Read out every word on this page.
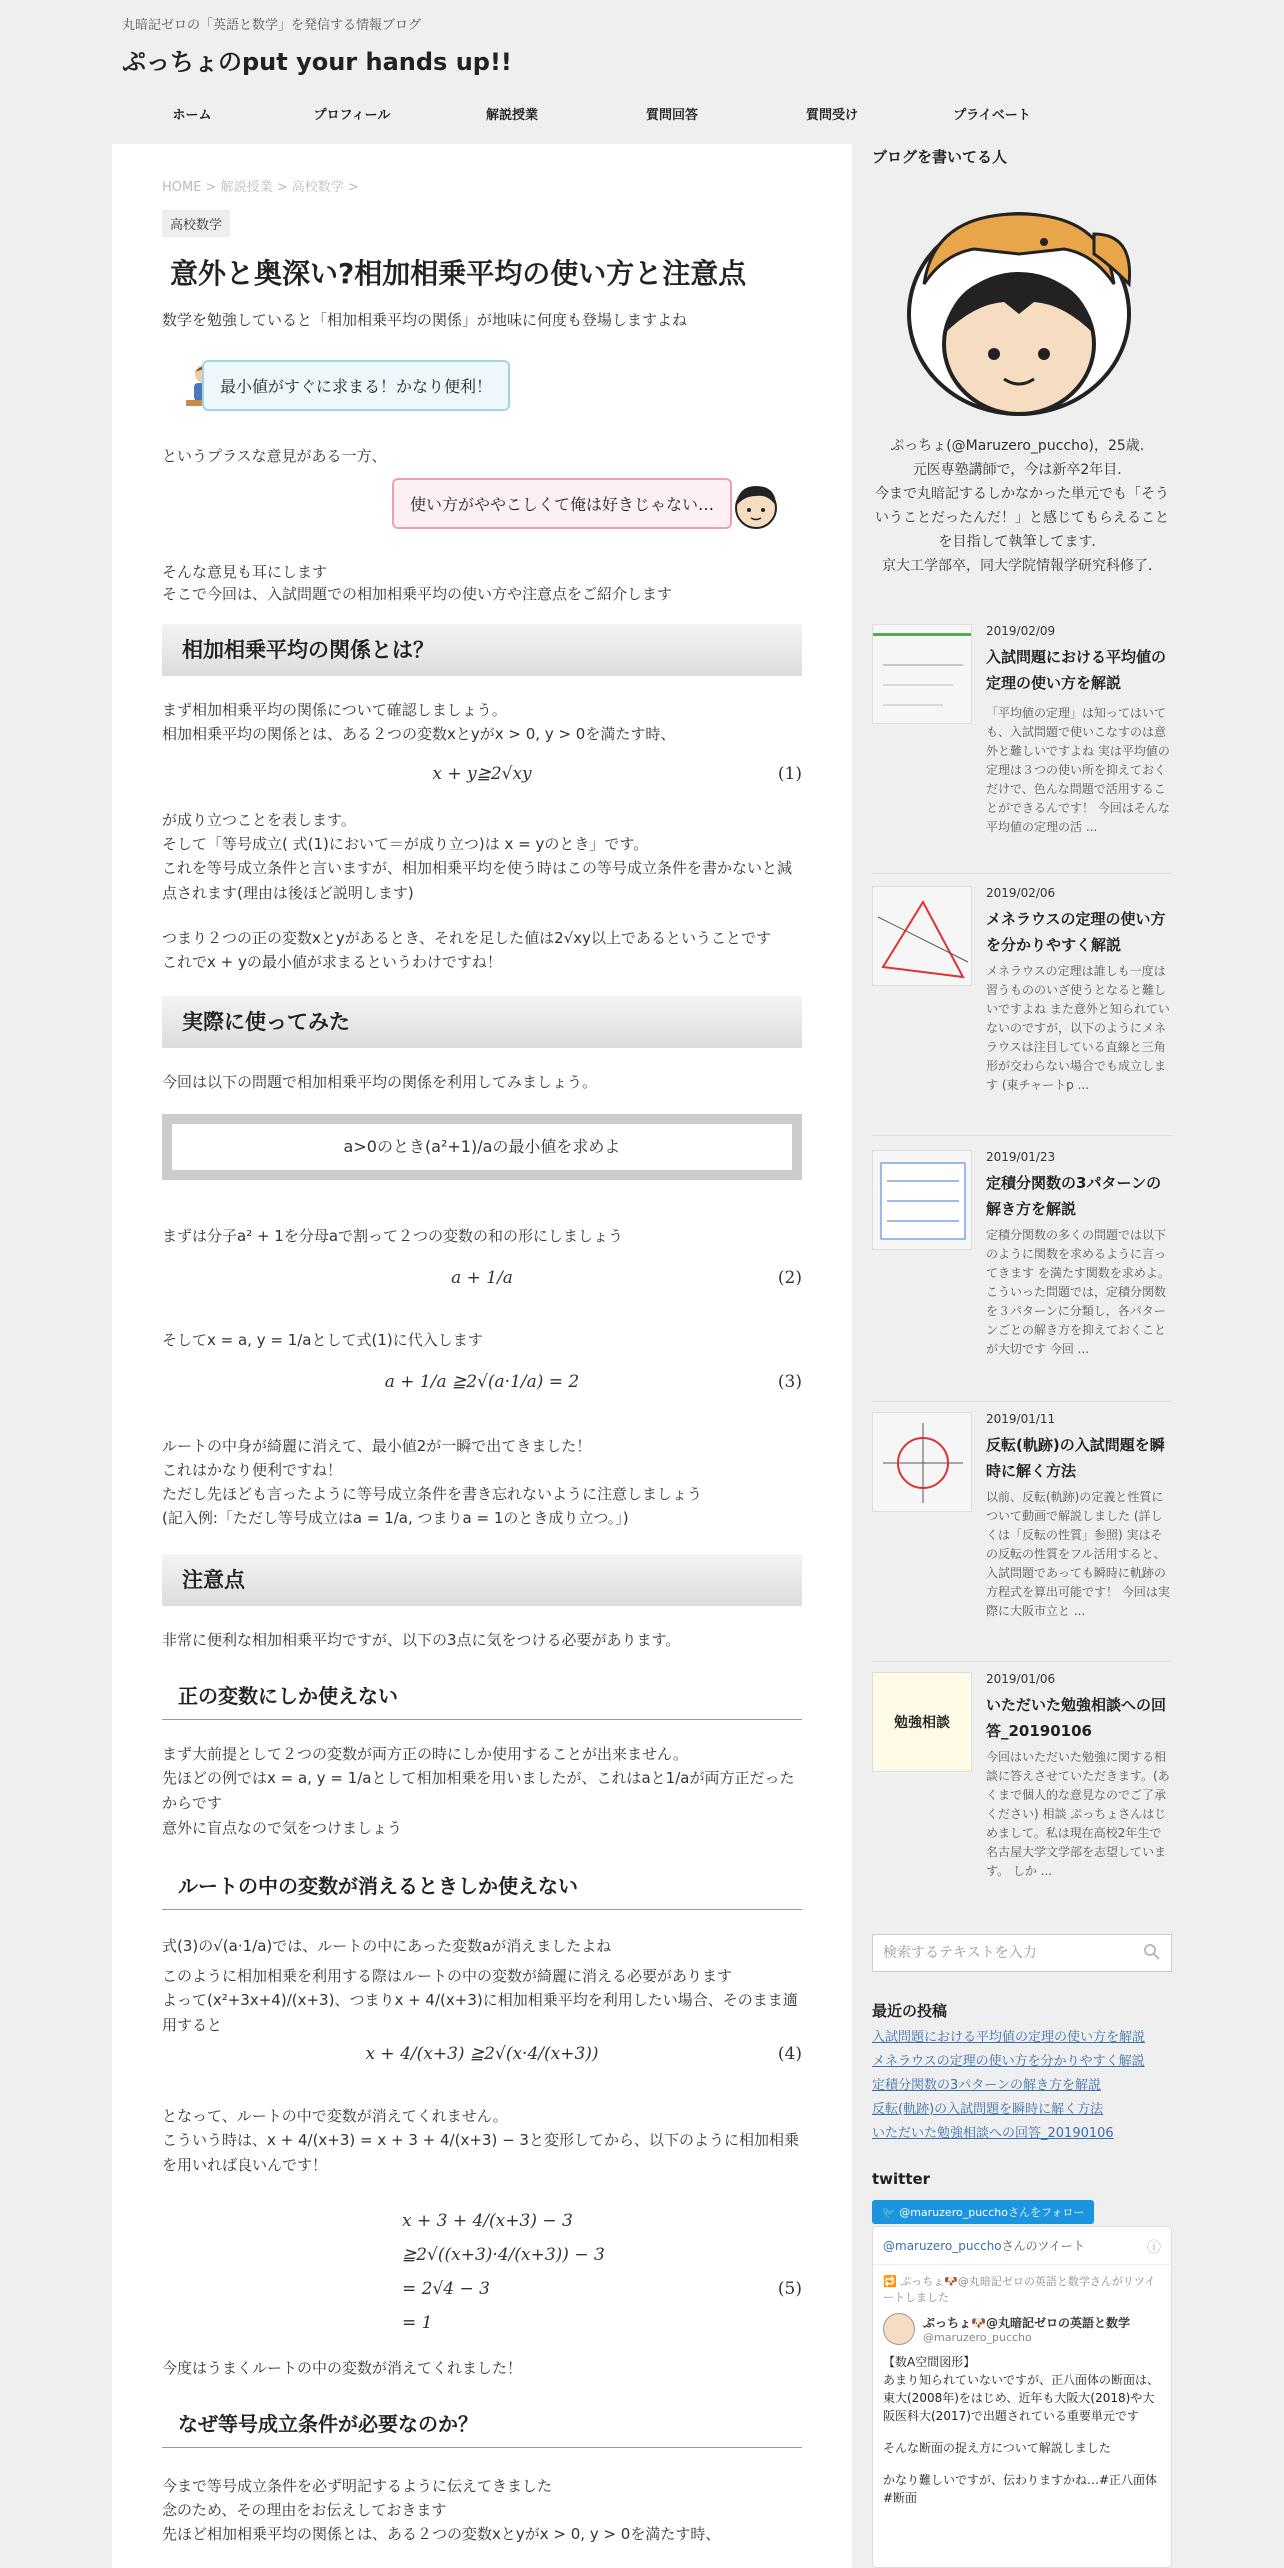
丸暗記ゼロの「英語と数学」を発信する情報ブログ
ぷっちょのput your hands up!!
ホーム	プロフィール	解説授業	質問回答	質問受け	プライベート
HOME > 解説授業 > 高校数学 >
高校数学
意外と奥深い?相加相乗平均の使い方と注意点
数学を勉強していると「相加相乗平均の関係」が地味に何度も登場しますよね
最小値がすぐに求まる！かなり便利！
というプラスな意見がある一方、
使い方がややこしくて俺は好きじゃない…
そんな意見も耳にします
そこで今回は、入試問題での相加相乗平均の使い方や注意点をご紹介します
相加相乗平均の関係とは？
まず相加相乗平均の関係について確認しましょう。
相加相乗平均の関係とは、ある２つの変数xとyがx > 0, y > 0を満たす時、
x + y≧2√xy	(1)
が成り立つことを表します。
そして「等号成立( 式(1)において＝が成り立つ)は x = yのとき」です。
これを等号成立条件と言いますが、相加相乗平均を使う時はこの等号成立条件を書かないと減点されます(理由は後ほど説明します)
つまり２つの正の変数xとyがあるとき、それを足した値は2√xy以上であるということです
これでx + yの最小値が求まるというわけですね！
実際に使ってみた
今回は以下の問題で相加相乗平均の関係を利用してみましょう。
a>0のとき(a²+1)/aの最小値を求めよ
まずは分子a² + 1を分母aで割って２つの変数の和の形にしましょう
a + 1/a	(2)
そしてx = a, y = 1/aとして式(1)に代入します
a + 1/a ≧2√(a·1/a) = 2	(3)
ルートの中身が綺麗に消えて、最小値2が一瞬で出てきました！
これはかなり便利ですね！
ただし先ほども言ったように等号成立条件を書き忘れないように注意しましょう
(記入例:「ただし等号成立はa = 1/a, つまりa = 1のとき成り立つ。」)
注意点
非常に便利な相加相乗平均ですが、以下の3点に気をつける必要があります。
正の変数にしか使えない
まず大前提として２つの変数が両方正の時にしか使用することが出来ません。
先ほどの例ではx = a, y = 1/aとして相加相乗を用いましたが、これはaと1/aが両方正だったからです
意外に盲点なので気をつけましょう
ルートの中の変数が消えるときしか使えない
式(3)の√(a·1/a)では、ルートの中にあった変数aが消えましたよね
このように相加相乗を利用する際はルートの中の変数が綺麗に消える必要があります
よって(x²+3x+4)/(x+3)、つまりx + 4/(x+3)に相加相乗平均を利用したい場合、そのまま適用すると
x + 4/(x+3) ≧2√(x·4/(x+3))	(4)
となって、ルートの中で変数が消えてくれません。
こういう時は、x + 4/(x+3) = x + 3 + 4/(x+3) − 3と変形してから、以下のように相加相乗を用いれば良いんです！
x + 3 + 4/(x+3) − 3
≧2√((x+3)·4/(x+3)) − 3
= 2√4 − 3
= 1
(5)
今度はうまくルートの中の変数が消えてくれました！
なぜ等号成立条件が必要なのか？
今まで等号成立条件を必ず明記するように伝えてきました
念のため、その理由をお伝えしておきます
先ほど相加相乗平均の関係とは、ある２つの変数xとyがx > 0, y > 0を満たす時、
ブログを書いてる人
ぷっちょ(@Maruzero_puccho)，25歳．
元医専塾講師で，今は新卒2年目．
今まで丸暗記するしかなかった単元でも「そういうことだったんだ！」と感じてもらえることを目指して執筆してます．
京大工学部卒，同大学院情報学研究科修了．
2019/02/09
入試問題における平均値の定理の使い方を解説
「平均値の定理」は知ってはいても、入試問題で使いこなすのは意外と難しいですよね 実は平均値の定理は３つの使い所を抑えておくだけで、色んな問題で活用することができるんです！ 今回はそんな平均値の定理の活 ...
2019/02/06
メネラウスの定理の使い方を分かりやすく解説
メネラウスの定理は誰しも一度は習うもののいざ使うとなると難しいですよね また意外と知られていないのですが，以下のようにメネラウスは注目している直線と三角形が交わらない場合でも成立します (東チャートp ...
2019/01/23
定積分関数の3パターンの解き方を解説
定積分関数の多くの問題では以下のように関数を求めるように言ってきます を満たす関数を求めよ。 こういった問題では，定積分関数を３パターンに分類し，各パターンごとの解き方を抑えておくことが大切です 今回 ...
2019/01/11
反転(軌跡)の入試問題を瞬時に解く方法
以前、反転(軌跡)の定義と性質について動画で解説しました (詳しくは「反転の性質」参照) 実はその反転の性質をフル活用すると、入試問題であっても瞬時に軌跡の方程式を算出可能です！ 今回は実際に大阪市立と ...
勉強相談
2019/01/06
いただいた勉強相談への回答_20190106
今回はいただいた勉強に関する相談に答えさせていただきます。(あくまで個人的な意見なのでご了承ください) 相談 ぷっちょさんはじめまして。私は現在高校2年生で名古屋大学文学部を志望しています。 しか ...
検索するテキストを入力
最近の投稿
入試問題における平均値の定理の使い方を解説
メネラウスの定理の使い方を分かりやすく解説
定積分関数の3パターンの解き方を解説
反転(軌跡)の入試問題を瞬時に解く方法
いただいた勉強相談への回答_20190106
twitter
🐦 @maruzero_pucchoさんをフォロー
@maruzero_pucchoさんのツイート	ⓘ
🔁 ぷっちょ🐶@丸暗記ゼロの英語と数学さんがリツイートしました
ぷっちょ🐶@丸暗記ゼロの英語と数学
@maruzero_puccho
【数A空間図形】
あまり知られていないですが、正八面体の断面は、東大(2008年)をはじめ、近年も大阪大(2018)や大阪医科大(2017)で出題されている重要単元です
そんな断面の捉え方について解説しました
かなり難しいですが、伝わりますかね…#正八面体 #断面
